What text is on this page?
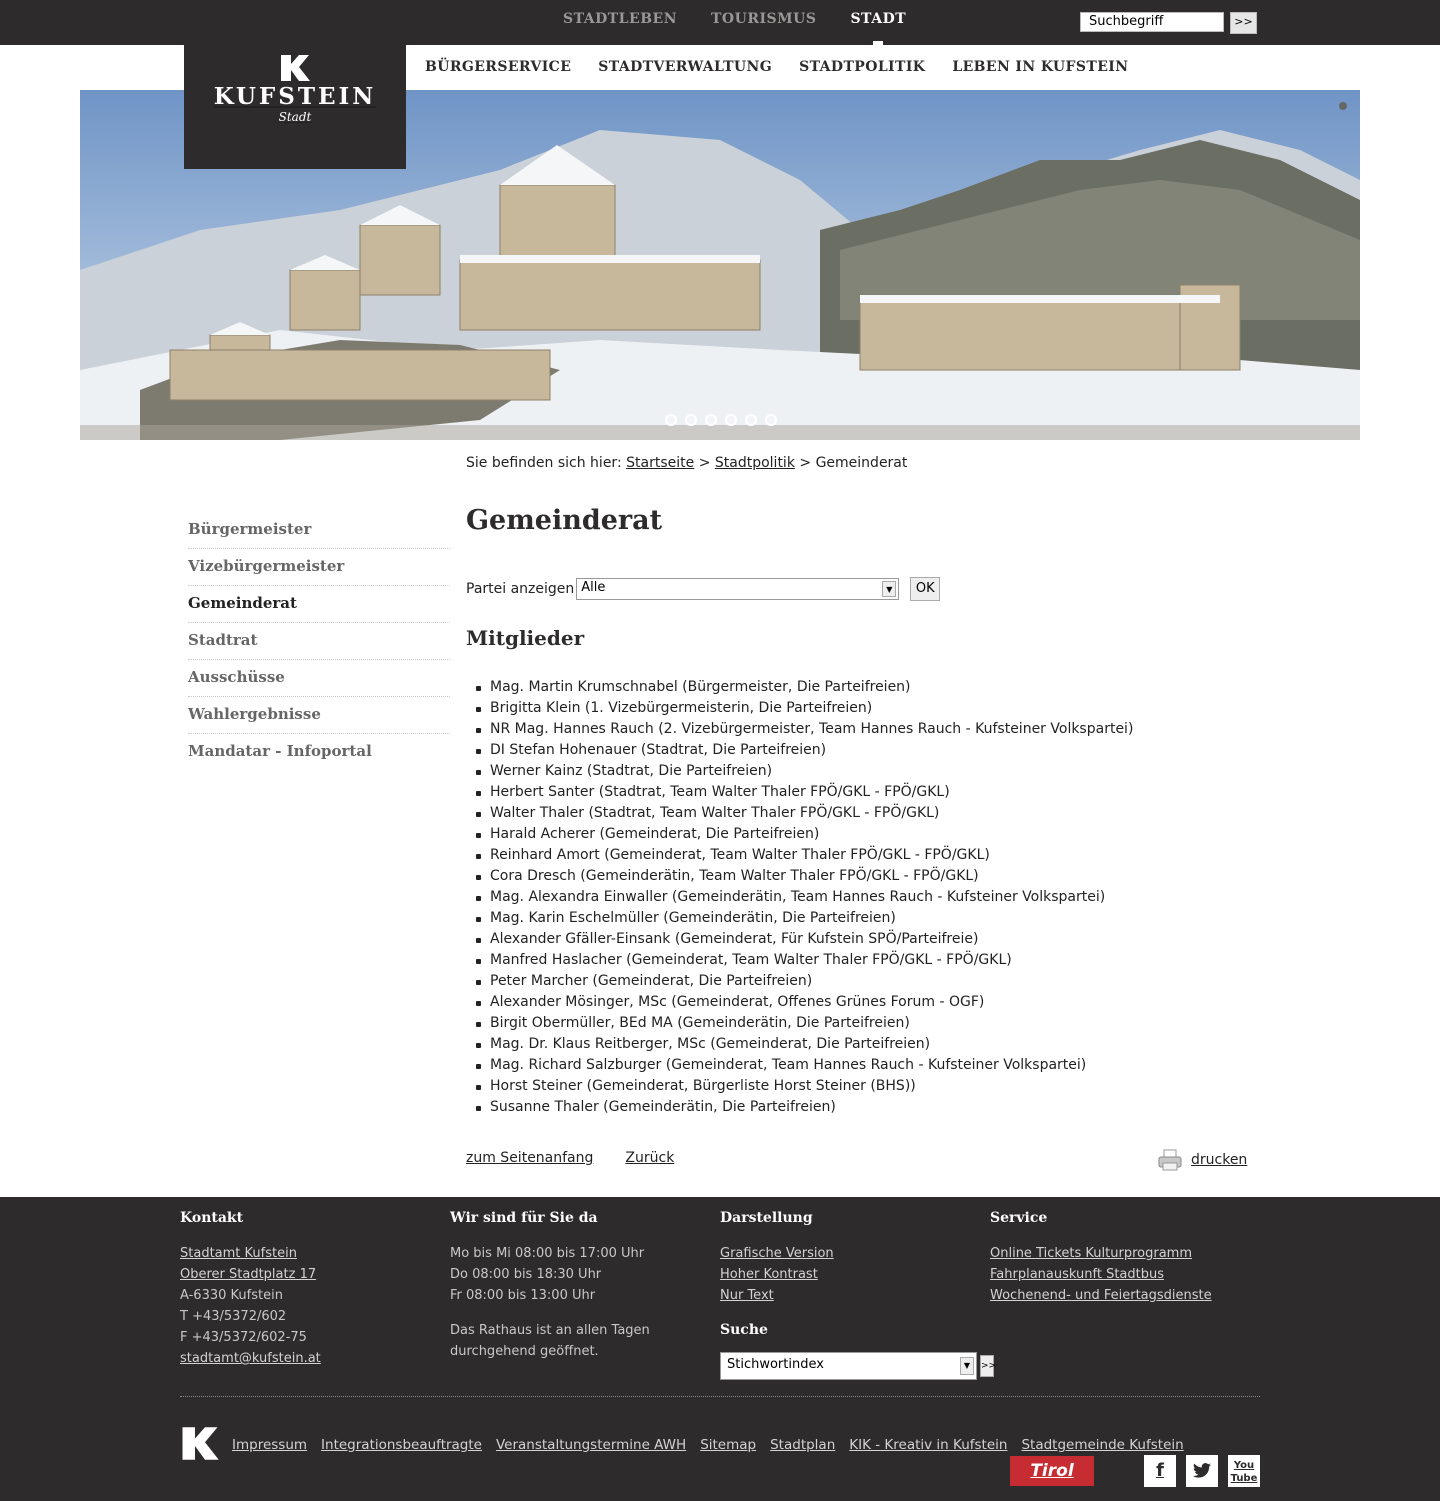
STADTLEBEN TOURISMUS STADT	Suchbegriff	>>
BÜRGERSERVICE STADTVERWALTUNG STADTPOLITIK LEBEN IN KUFSTEIN
KUFSTEIN
Stadt
Sie befinden sich hier: Startseite > Stadtpolitik > Gemeinderat
Bürgermeister
Vizebürgermeister
Gemeinderat
Stadtrat
Ausschüsse
Wahlergebnisse
Mandatar - Infoportal
Gemeinderat
Partei anzeigen Alle	▼	OK
Mitglieder
Mag. Martin Krumschnabel (Bürgermeister, Die Parteifreien)
Brigitta Klein (1. Vizebürgermeisterin, Die Parteifreien)
NR Mag. Hannes Rauch (2. Vizebürgermeister, Team Hannes Rauch - Kufsteiner Volkspartei)
DI Stefan Hohenauer (Stadtrat, Die Parteifreien)
Werner Kainz (Stadtrat, Die Parteifreien)
Herbert Santer (Stadtrat, Team Walter Thaler FPÖ/GKL - FPÖ/GKL)
Walter Thaler (Stadtrat, Team Walter Thaler FPÖ/GKL - FPÖ/GKL)
Harald Acherer (Gemeinderat, Die Parteifreien)
Reinhard Amort (Gemeinderat, Team Walter Thaler FPÖ/GKL - FPÖ/GKL)
Cora Dresch (Gemeinderätin, Team Walter Thaler FPÖ/GKL - FPÖ/GKL)
Mag. Alexandra Einwaller (Gemeinderätin, Team Hannes Rauch - Kufsteiner Volkspartei)
Mag. Karin Eschelmüller (Gemeinderätin, Die Parteifreien)
Alexander Gfäller-Einsank (Gemeinderat, Für Kufstein SPÖ/Parteifreie)
Manfred Haslacher (Gemeinderat, Team Walter Thaler FPÖ/GKL - FPÖ/GKL)
Peter Marcher (Gemeinderat, Die Parteifreien)
Alexander Mösinger, MSc (Gemeinderat, Offenes Grünes Forum - OGF)
Birgit Obermüller, BEd MA (Gemeinderätin, Die Parteifreien)
Mag. Dr. Klaus Reitberger, MSc (Gemeinderat, Die Parteifreien)
Mag. Richard Salzburger (Gemeinderat, Team Hannes Rauch - Kufsteiner Volkspartei)
Horst Steiner (Gemeinderat, Bürgerliste Horst Steiner (BHS))
Susanne Thaler (Gemeinderätin, Die Parteifreien)
zum Seitenanfang Zurück	drucken
Kontakt
Stadtamt Kufstein
Oberer Stadtplatz 17
A-6330 Kufstein
T +43/5372/602
F +43/5372/602-75
stadtamt@kufstein.at
Wir sind für Sie da
Mo bis Mi 08:00 bis 17:00 Uhr
Do 08:00 bis 18:30 Uhr
Fr 08:00 bis 13:00 Uhr

Das Rathaus ist an allen Tagen durchgehend geöffnet.

Darstellung
Grafische Version
Hoher Kontrast
Nur Text
Suche
Service
Online Tickets Kulturprogramm
Fahrplanauskunft Stadtbus
Wochenend- und Feiertagsdienste
Stichwortindex	▼	>>
Impressum Integrationsbeauftragte Veranstaltungstermine AWH Sitemap Stadtplan KIK - Kreativ in Kufstein Stadtgemeinde Kufstein
Tirol	f	You
Tube
